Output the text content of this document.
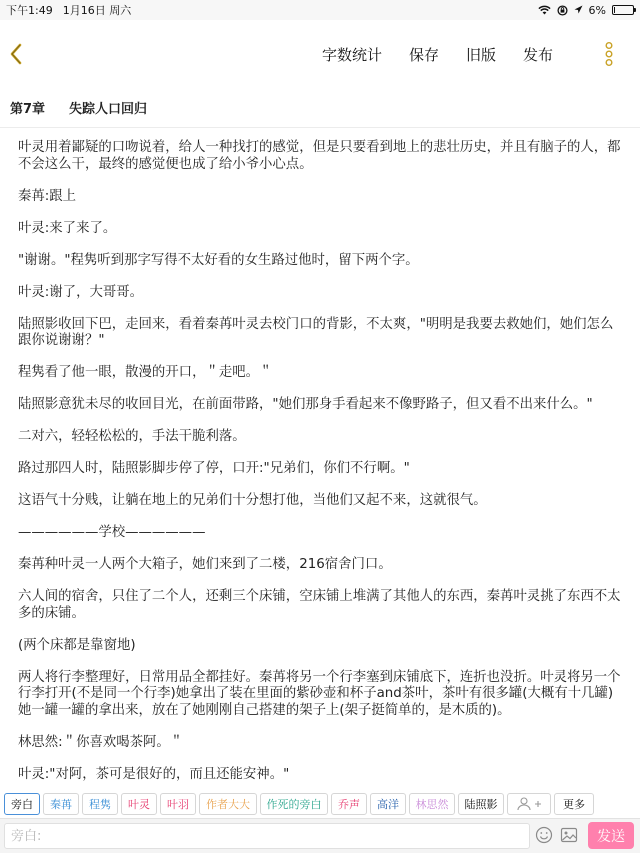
下午1:49 1月16日 周六	6%
字数统计 保存 旧版 发布
第7章 失踪人口回归

叶灵用着鄙疑的口吻说着，给人一种找打的感觉，但是只要看到地上的悲壮历史，并且有脑子的人，都不会这么干，最终的感觉便也成了给小爷小心点。

秦苒:跟上

叶灵:来了来了。

"谢谢。"程隽听到那字写得不太好看的女生路过他时，留下两个字。

叶灵:谢了，大哥哥。

陆照影收回下巴，走回来，看着秦苒叶灵去校门口的背影，不太爽，"明明是我要去救她们，她们怎么跟你说谢谢？"

程隽看了他一眼，散漫的开口，＂走吧。＂

陆照影意犹未尽的收回目光，在前面带路，"她们那身手看起来不像野路子，但又看不出来什么。"

二对六，轻轻松松的，手法干脆利落。

路过那四人时，陆照影脚步停了停，口开:"兄弟们，你们不行啊。"

这语气十分贱，让躺在地上的兄弟们十分想打他，当他们又起不来，这就很气。

——————学校——————

秦苒种叶灵一人两个大箱子，她们来到了二楼，216宿舍门口。

六人间的宿舍，只住了二个人，还剩三个床铺，空床铺上堆满了其他人的东西，秦苒叶灵挑了东西不太多的床铺。

(两个床都是靠窗地)

两人将行李整理好，日常用品全都挂好。秦苒将另一个行李塞到床铺底下，连折也没折。叶灵将另一个行李打开(不是同一个行李)她拿出了装在里面的紫砂壶和杯子and茶叶，茶叶有很多罐(大概有十几罐)她一罐一罐的拿出来，放在了她刚刚自己搭建的架子上(架子挺简单的，是木质的)。

林思然:＂你喜欢喝茶阿。＂

叶灵:"对阿，茶可是很好的，而且还能安神。"

旁白	秦苒	程隽	叶灵	叶羽	作者大大	作死的旁白	乔声	高洋	林思然	陆照影	更多
旁白:
发送
